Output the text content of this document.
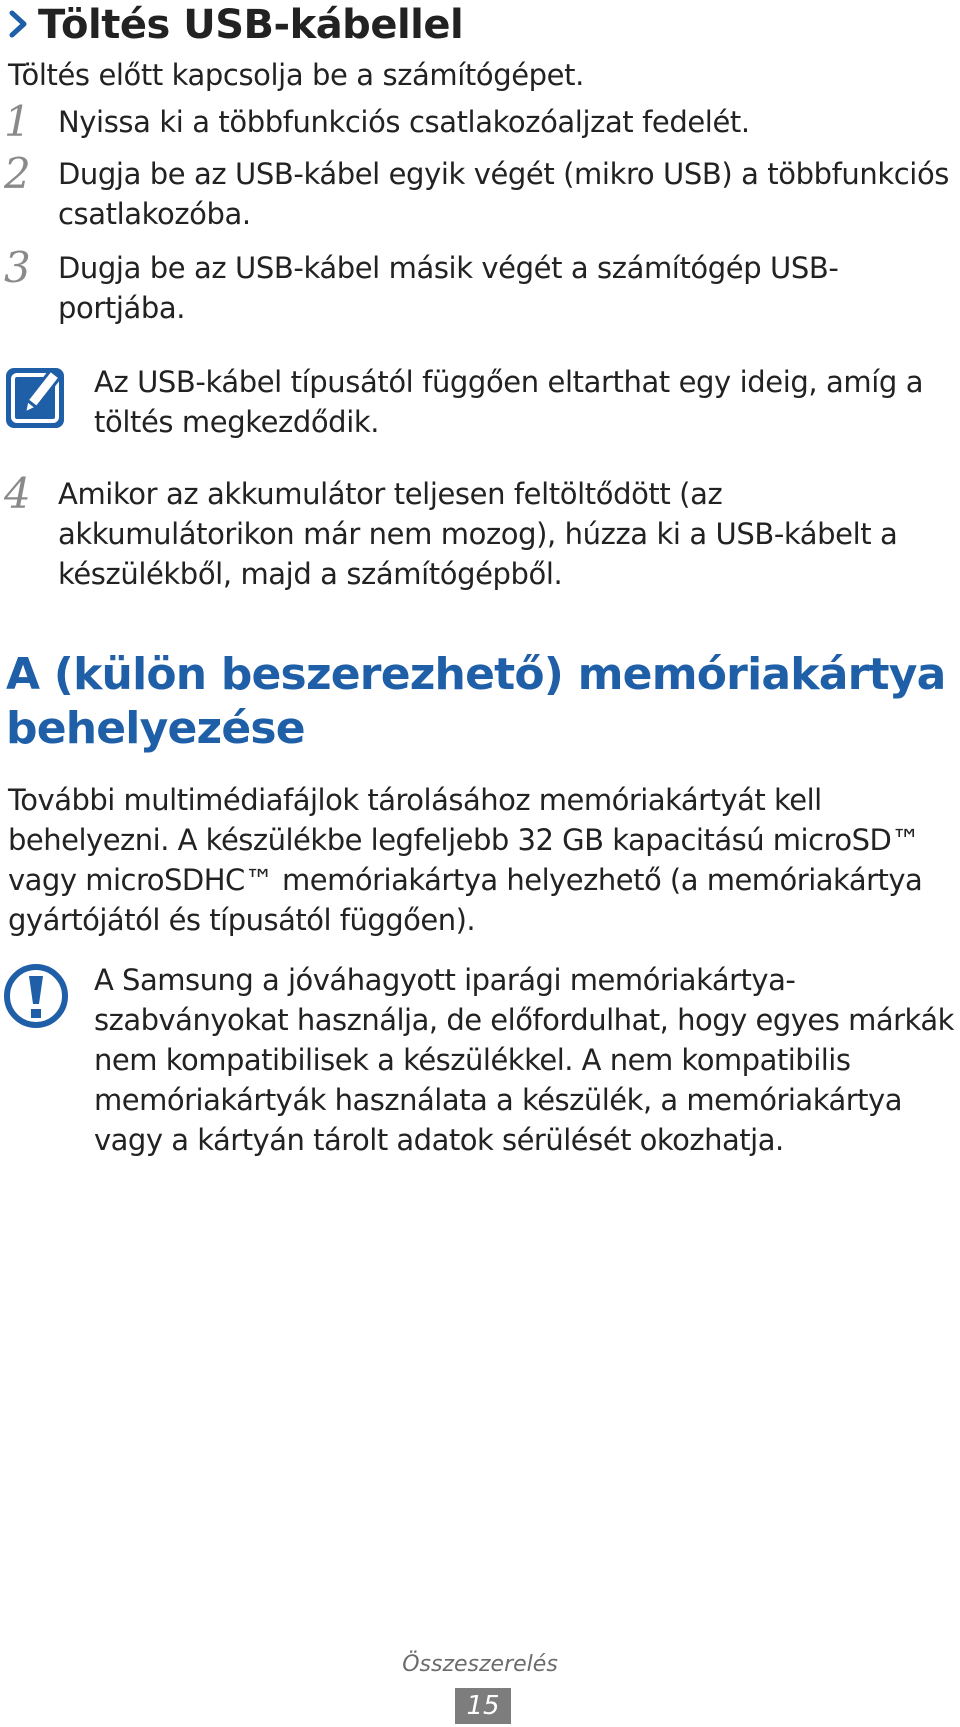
Töltés USB-kábellel
Töltés előtt kapcsolja be a számítógépet.
1 Nyissa ki a többfunkciós csatlakozóaljzat fedelét.
2 Dugja be az USB-kábel egyik végét (mikro USB) a többfunkciós
csatlakozóba.
3 Dugja be az USB-kábel másik végét a számítógép USB-
portjába.
Az USB-kábel típusától függően eltarthat egy ideig, amíg a
töltés megkezdődik.
4 Amikor az akkumulátor teljesen feltöltődött (az
akkumulátorikon már nem mozog), húzza ki a USB-kábelt a
készülékből, majd a számítógépből.
A (külön beszerezhető) memóriakártya
behelyezése
További multimédiafájlok tárolásához memóriakártyát kell
behelyezni. A készülékbe legfeljebb 32 GB kapacitású microSD™
vagy microSDHC™ memóriakártya helyezhető (a memóriakártya
gyártójától és típusától függően).
A Samsung a jóváhagyott iparági memóriakártya-
szabványokat használja, de előfordulhat, hogy egyes márkák
nem kompatibilisek a készülékkel. A nem kompatibilis
memóriakártyák használata a készülék, a memóriakártya
vagy a kártyán tárolt adatok sérülését okozhatja.
Összeszerelés
15
